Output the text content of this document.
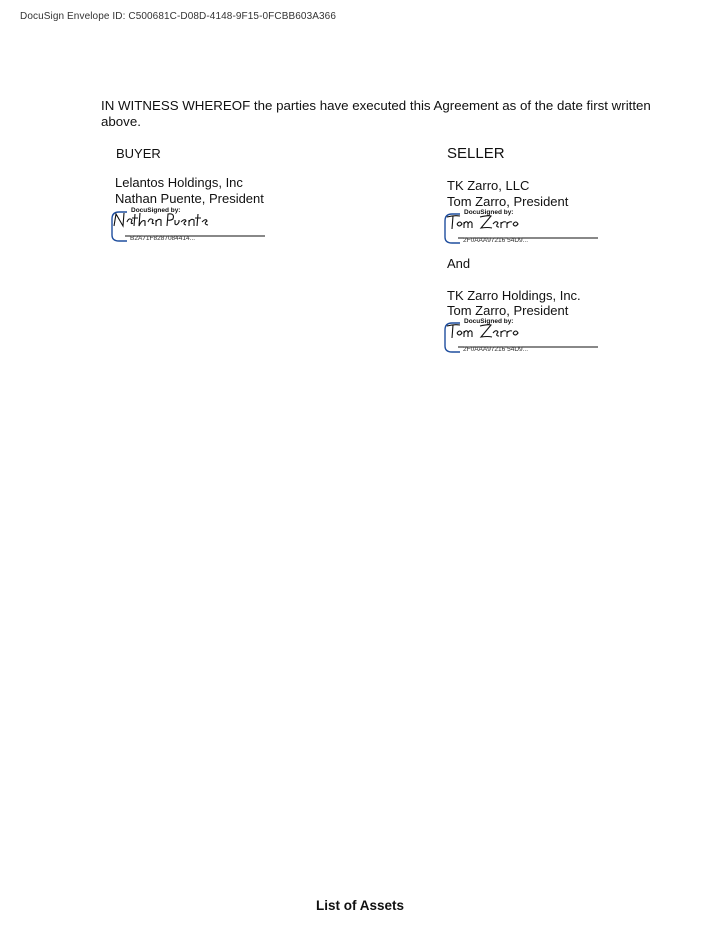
DocuSign Envelope ID: C500681C-D08D-4148-9F15-0FCBB603A366
IN WITNESS WHEREOF the parties have executed this Agreement as of the date first written above.
BUYER
Lelantos Holdings, Inc
Nathan Puente, President
DocuSigned by:
B2A71F8287084414...
SELLER
TK Zarro, LLC
Tom Zarro, President
DocuSigned by:
2F0AAA97216 54D9...
And
TK Zarro Holdings, Inc.
Tom Zarro, President
DocuSigned by:
2F0AAA97216 54D9...
List of Assets
